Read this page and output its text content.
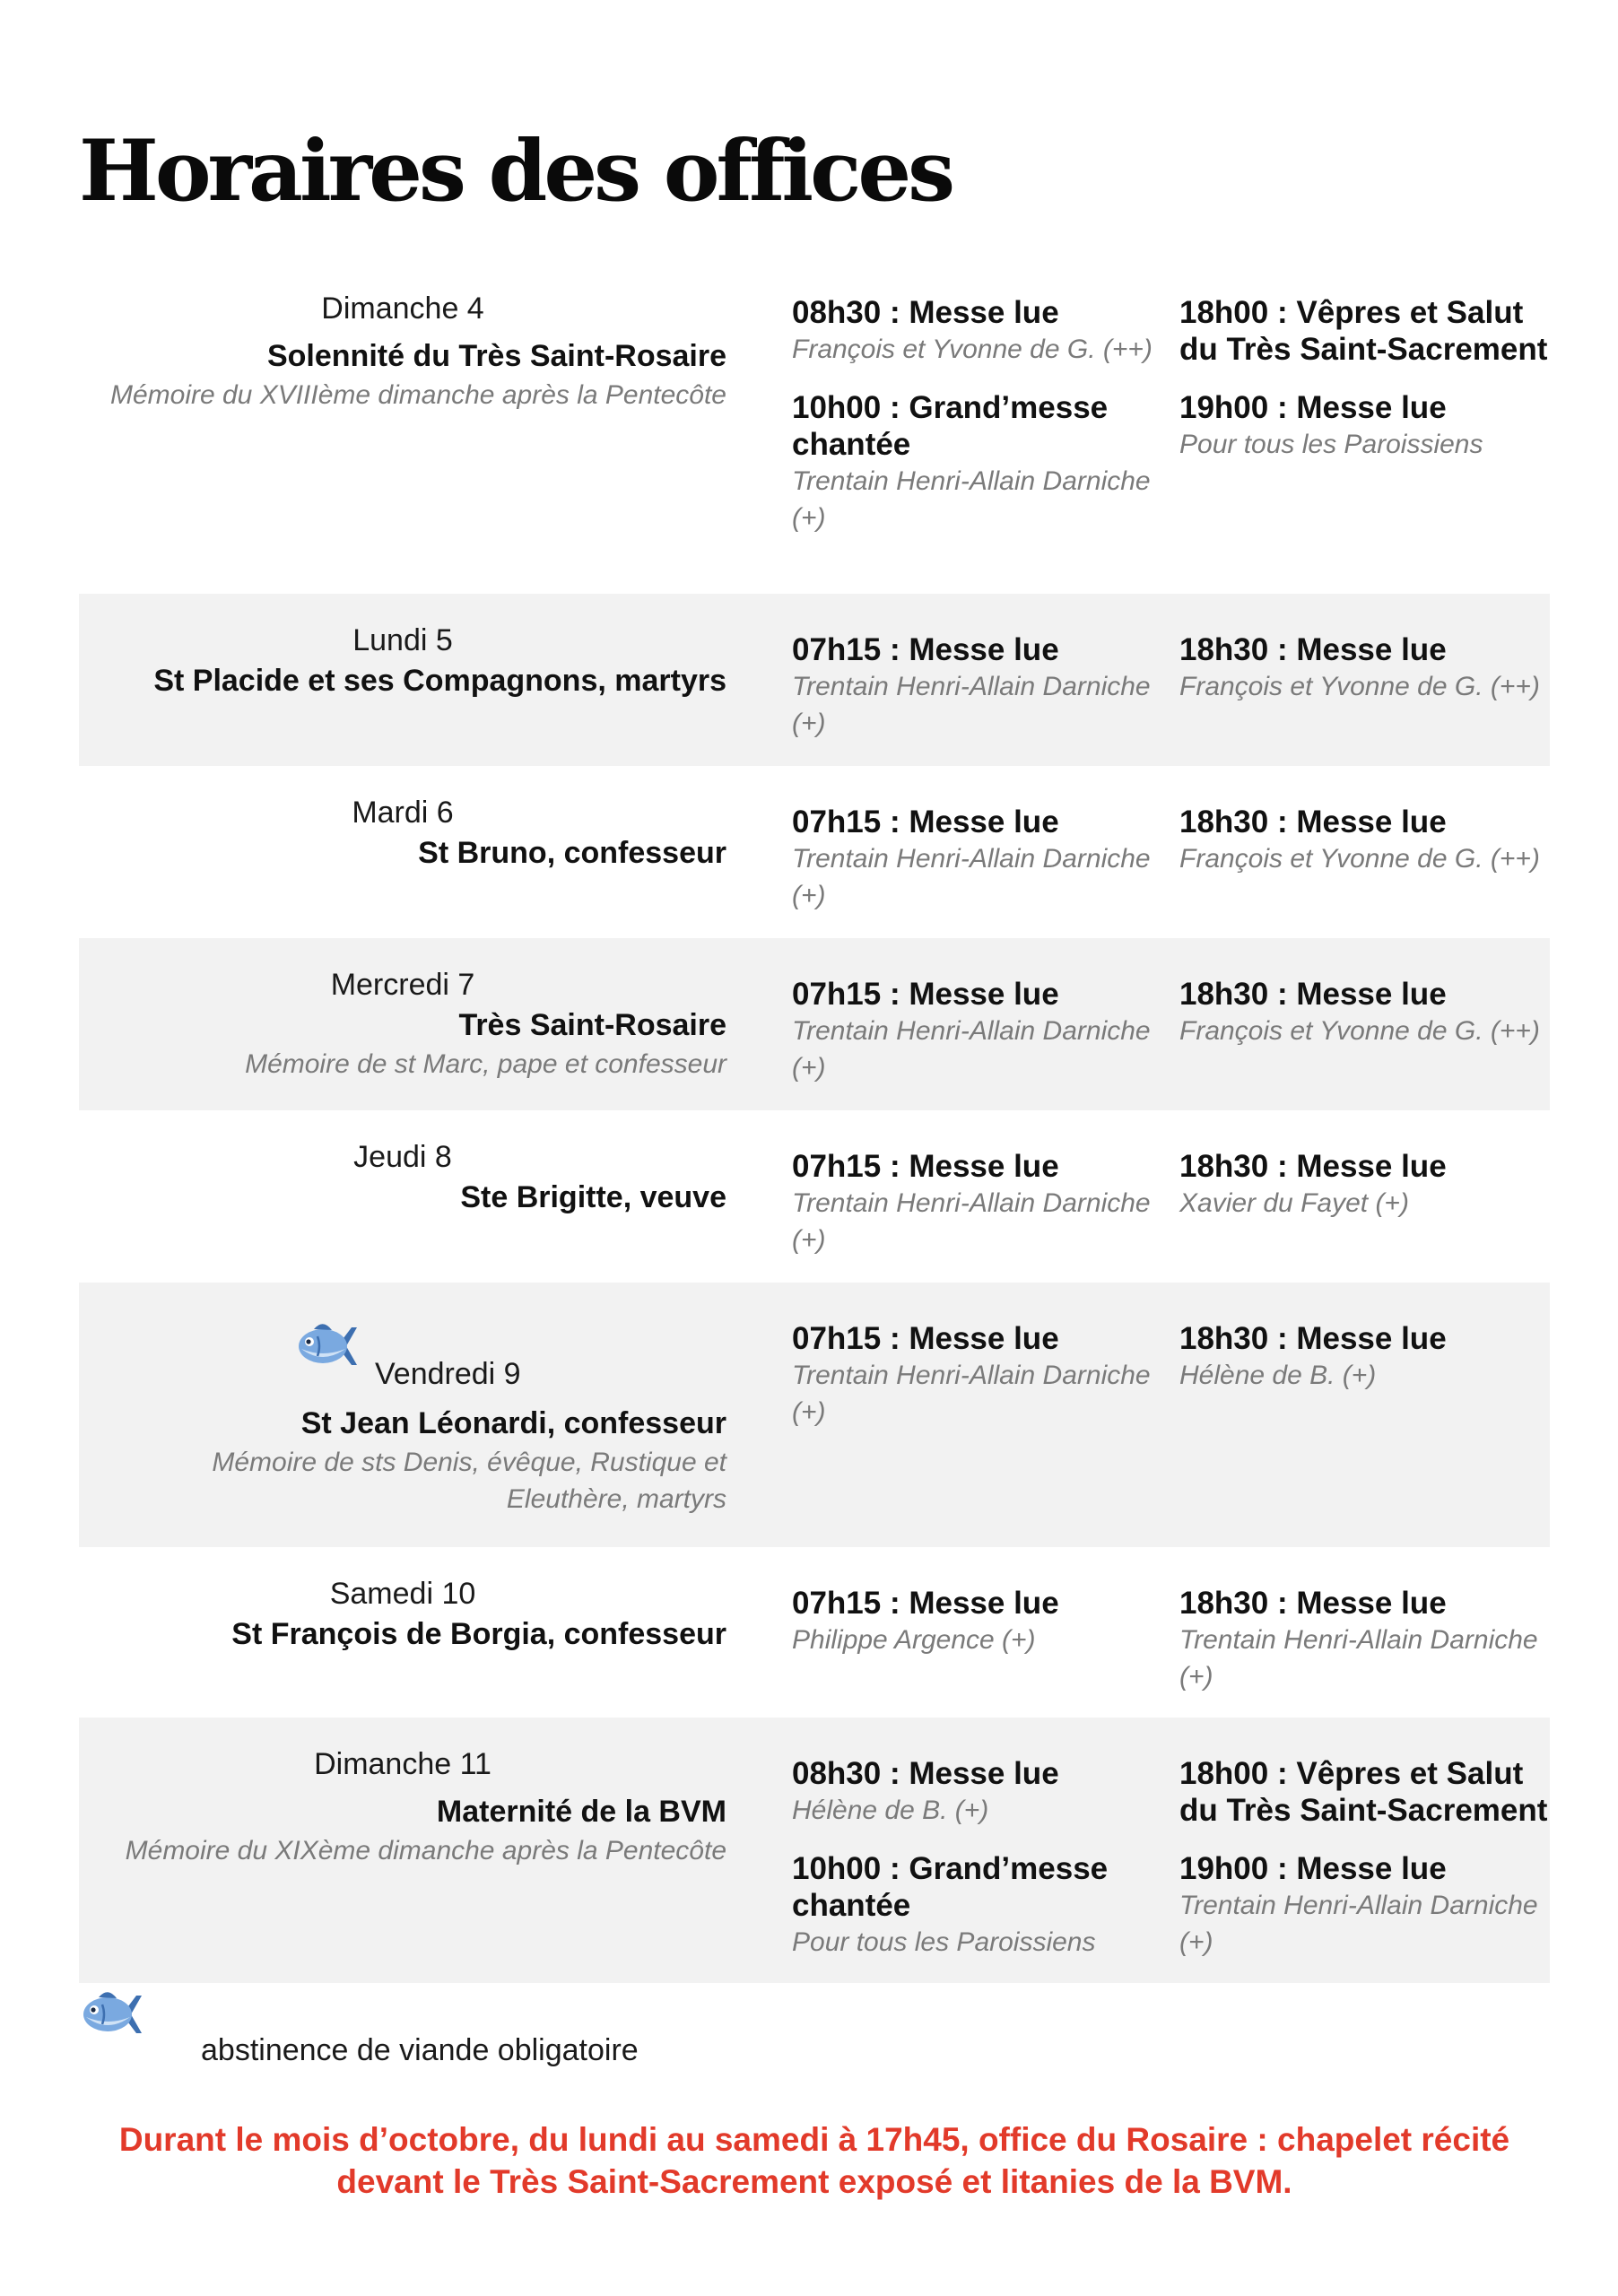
Horaires des offices
Dimanche 4
Solennité du Très Saint-Rosaire
Mémoire du XVIIIème dimanche après la Pentecôte
08h30 : Messe lue
François et Yvonne de G. (++)
10h00 : Grand’messe chantée
Trentain Henri-Allain Darniche (+)
18h00 : Vêpres et Salut du Très Saint-Sacrement
19h00 : Messe lue
Pour tous les Paroissiens
Lundi 5
St Placide et ses Compagnons, martyrs
07h15 : Messe lue
Trentain Henri-Allain Darniche (+)
18h30 : Messe lue
François et Yvonne de G. (++)
Mardi 6
St Bruno, confesseur
07h15 : Messe lue
Trentain Henri-Allain Darniche (+)
18h30 : Messe lue
François et Yvonne de G. (++)
Mercredi 7
Très Saint-Rosaire
Mémoire de st Marc, pape et confesseur
07h15 : Messe lue
Trentain Henri-Allain Darniche (+)
18h30 : Messe lue
François et Yvonne de G. (++)
Jeudi 8
Ste Brigitte, veuve
07h15 : Messe lue
Trentain Henri-Allain Darniche (+)
18h30 : Messe lue
Xavier du Fayet (+)
Vendredi 9
St Jean Léonardi, confesseur
Mémoire de sts Denis, évêque, Rustique et Eleuthère, martyrs
07h15 : Messe lue
Trentain Henri-Allain Darniche (+)
18h30 : Messe lue
Hélène de B. (+)
Samedi 10
St François de Borgia, confesseur
07h15 : Messe lue
Philippe Argence (+)
18h30 : Messe lue
Trentain Henri-Allain Darniche (+)
Dimanche 11
Maternité de la BVM
Mémoire du XIXème dimanche après la Pentecôte
08h30 : Messe lue
Hélène de B. (+)
10h00 : Grand’messe chantée
Pour tous les Paroissiens
18h00 : Vêpres et Salut du Très Saint-Sacrement
19h00 : Messe lue
Trentain Henri-Allain Darniche (+)
abstinence de viande obligatoire
Durant le mois d’octobre, du lundi au samedi à 17h45, office du Rosaire : chapelet récité devant le Très Saint-Sacrement exposé et litanies de la BVM.
